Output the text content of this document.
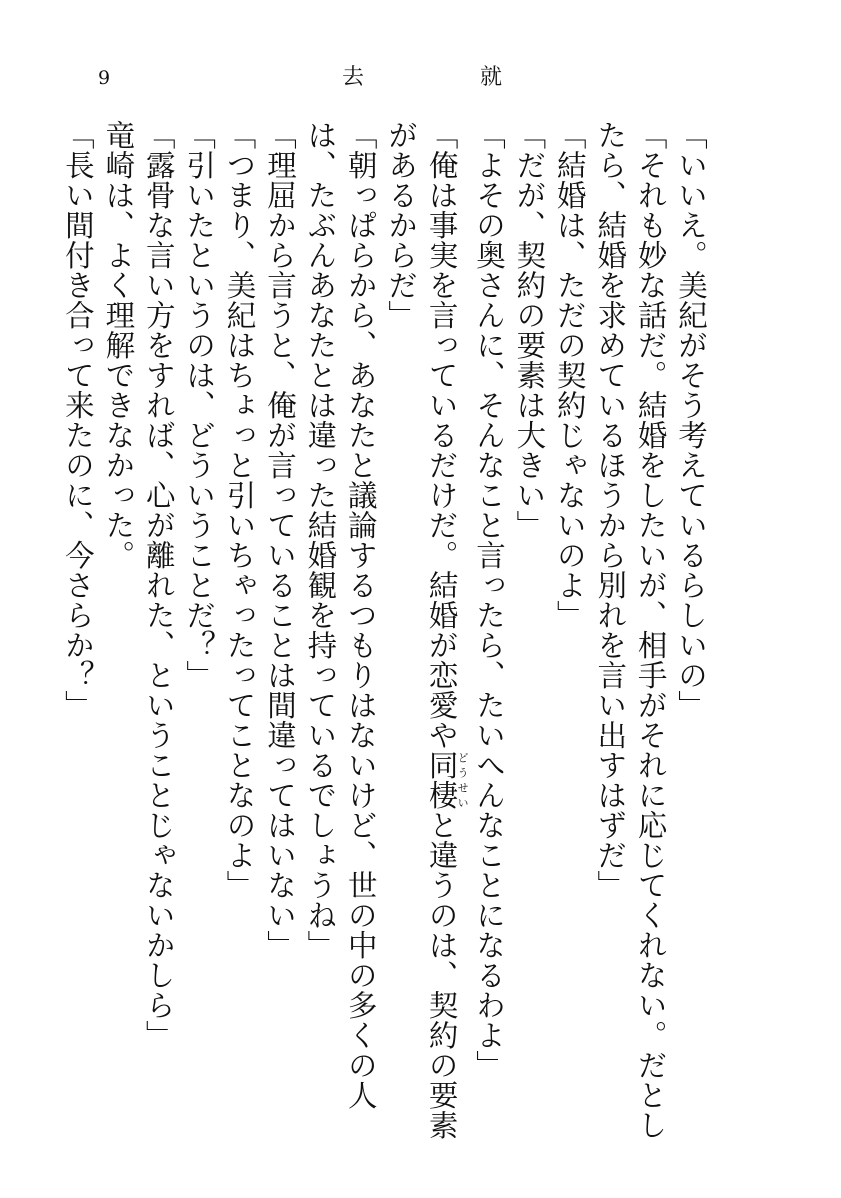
9	去	就

「いいえ。美紀がそう考えているらしいの」

「それも妙な話だ。結婚をしたいが、相手がそれに応じてくれない。だとしたら、結婚を求めているほうから別れを言い出すはずだ」

「結婚は、ただの契約じゃないのよ」

「だが、契約の要素は大きい」

「よその奥さんに、そんなこと言ったら、たいへんなことになるわよ」

「俺は事実を言っているだけだ。結婚が恋愛や同棲どうせいと違うのは、契約の要素があるからだ」

「朝っぱらから、あなたと議論するつもりはないけど、世の中の多くの人は、たぶんあなたとは違った結婚観を持っているでしょうね」

「理屈から言うと、俺が言っていることは間違ってはいない」

「つまり、美紀はちょっと引いちゃったってことなのよ」

「引いたというのは、どういうことだ？」

「露骨な言い方をすれば、心が離れた、ということじゃないかしら」

竜崎は、よく理解できなかった。

「長い間付き合って来たのに、今さらか？」
